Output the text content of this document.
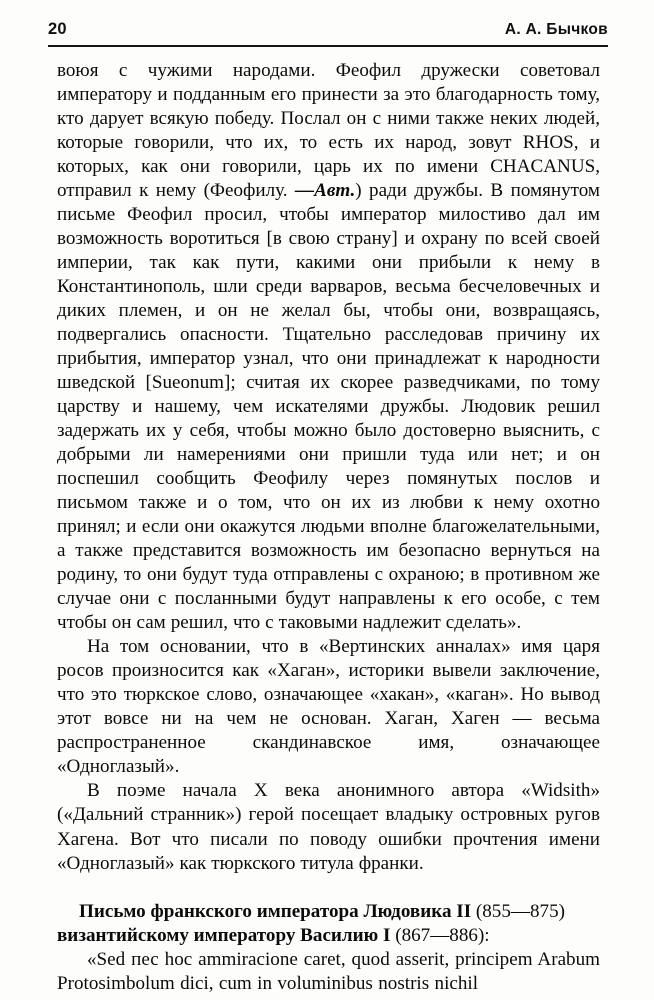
20	А. А. Бычков

воюя с чужими народами. Феофил дружески советовал императору и подданным его принести за это благодарность тому, кто дарует всякую победу. Послал он с ними также неких людей, которые говорили, что их, то есть их народ, зовут RHOS, и которых, как они говорили, царь их по имени CHACANUS, отправил к нему (Феофилу. —Авт.) ради дружбы. В помянутом письме Феофил просил, чтобы император милостиво дал им возможность воротиться [в свою страну] и охрану по всей своей империи, так как пути, какими они прибыли к нему в Константинополь, шли среди варваров, весьма бесчеловечных и диких племен, и он не желал бы, чтобы они, возвращаясь, подвергались опасности. Тщательно расследовав причину их прибытия, император узнал, что они принадлежат к народности шведской [Sueonum]; считая их скорее разведчиками, по тому царству и нашему, чем искателями дружбы. Людовик решил задержать их у себя, чтобы можно было достоверно выяснить, с добрыми ли намерениями они пришли туда или нет; и он поспешил сообщить Феофилу через помянутых послов и письмом также и о том, что он их из любви к нему охотно принял; и если они окажутся людьми вполне благожелательными, а также представится возможность им безопасно вернуться на родину, то они будут туда отправлены с охраною; в противном же случае они с посланными будут направлены к его особе, с тем чтобы он сам решил, что с таковыми надлежит сделать».

На том основании, что в «Вертинских анналах» имя царя росов произносится как «Хаган», историки вывели заключение, что это тюркское слово, означающее «хакан», «каган». Но вывод этот вовсе ни на чем не основан. Хаган, Хаген — весьма распространенное скандинавское имя, означающее «Одноглазый».

В поэме начала X века анонимного автора «Widsith» («Дальний странник») герой посещает владыку островных ругов Хагена. Вот что писали по поводу ошибки прочтения имени «Одноглазый» как тюркского титула франки.

Письмо франкского императора Людовика II (855—875)

византийскому императору Василию I (867—886):

«Sed пес hoc ammiracione caret, quod asserit, principem Arabum Protosimbolum dici, cum in voluminibus nostris nichil
